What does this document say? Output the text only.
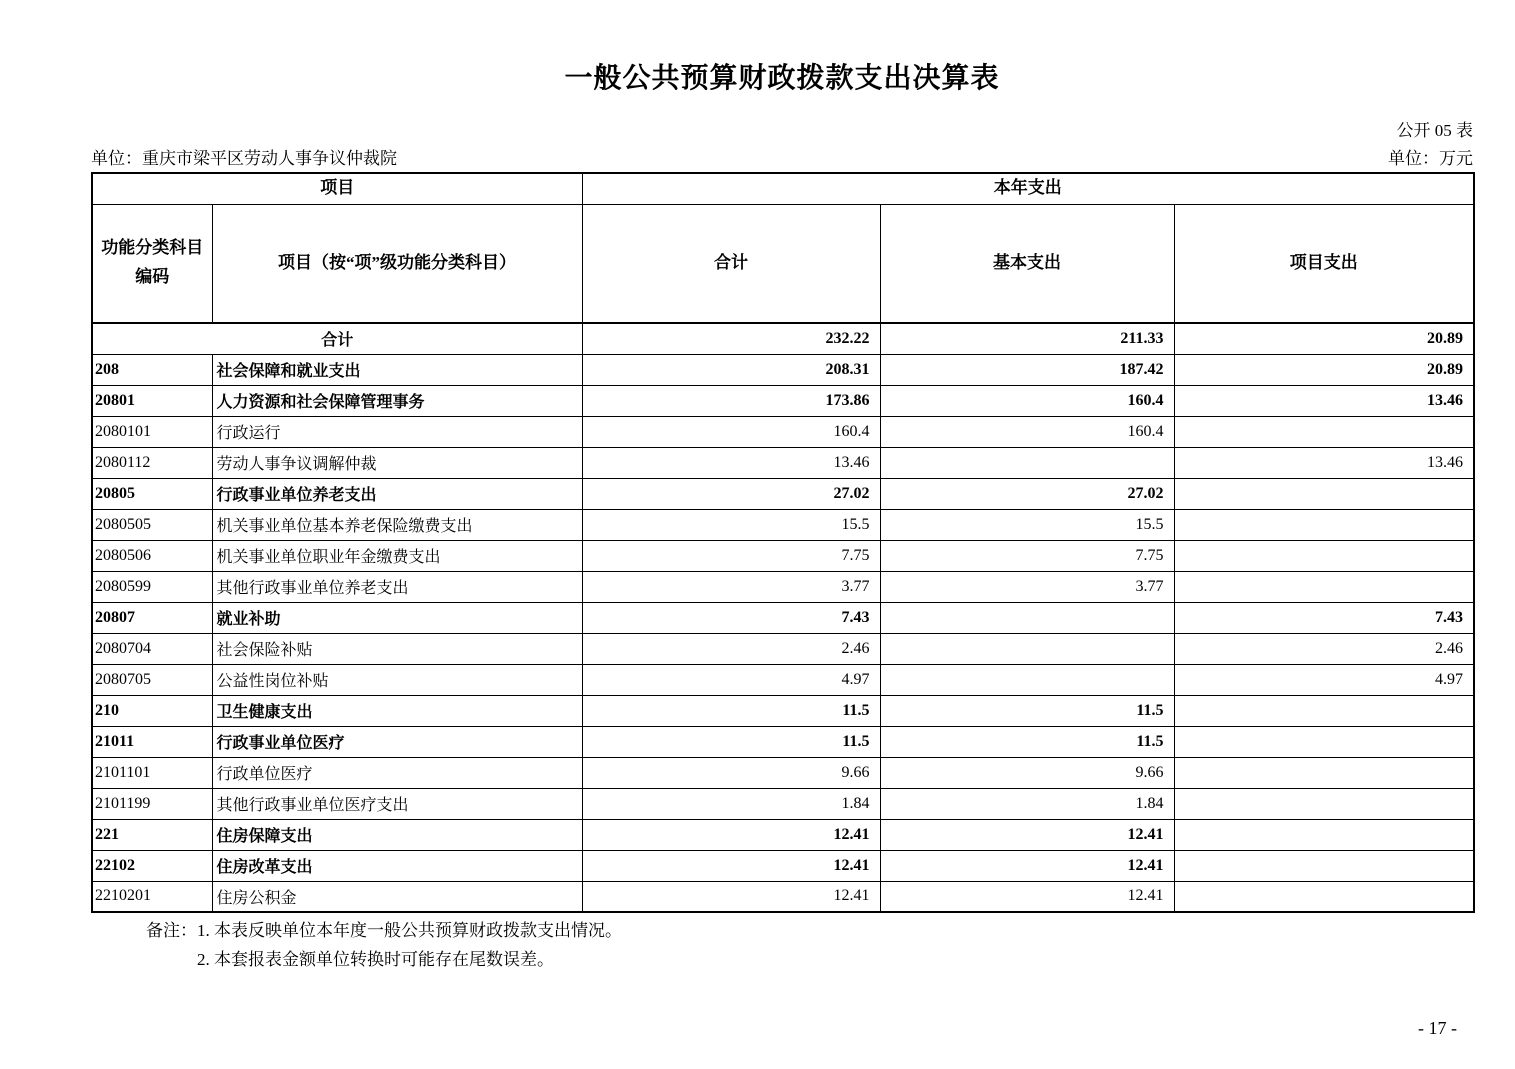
一般公共预算财政拨款支出决算表
公开 05 表
单位：重庆市梁平区劳动人事争议仲裁院	单位：万元
项目		本年支出		
功能分类科目编码	项目（按“项”级功能分类科目）	合计	基本支出	项目支出
合计		232.22	211.33	20.89
208	社会保障和就业支出	208.31	187.42	20.89
20801	人力资源和社会保障管理事务	173.86	160.4	13.46
2080101	行政运行	160.4	160.4	
2080112	劳动人事争议调解仲裁	13.46		13.46
20805	行政事业单位养老支出	27.02	27.02	
2080505	机关事业单位基本养老保险缴费支出	15.5	15.5	
2080506	机关事业单位职业年金缴费支出	7.75	7.75	
2080599	其他行政事业单位养老支出	3.77	3.77	
20807	就业补助	7.43		7.43
2080704	社会保险补贴	2.46		2.46
2080705	公益性岗位补贴	4.97		4.97
210	卫生健康支出	11.5	11.5	
21011	行政事业单位医疗	11.5	11.5	
2101101	行政单位医疗	9.66	9.66	
2101199	其他行政事业单位医疗支出	1.84	1.84	
221	住房保障支出	12.41	12.41	
22102	住房改革支出	12.41	12.41	
2210201	住房公积金	12.41	12.41	
备注：1. 本表反映单位本年度一般公共预算财政拨款支出情况。
2. 本套报表金额单位转换时可能存在尾数误差。
- 17 -
